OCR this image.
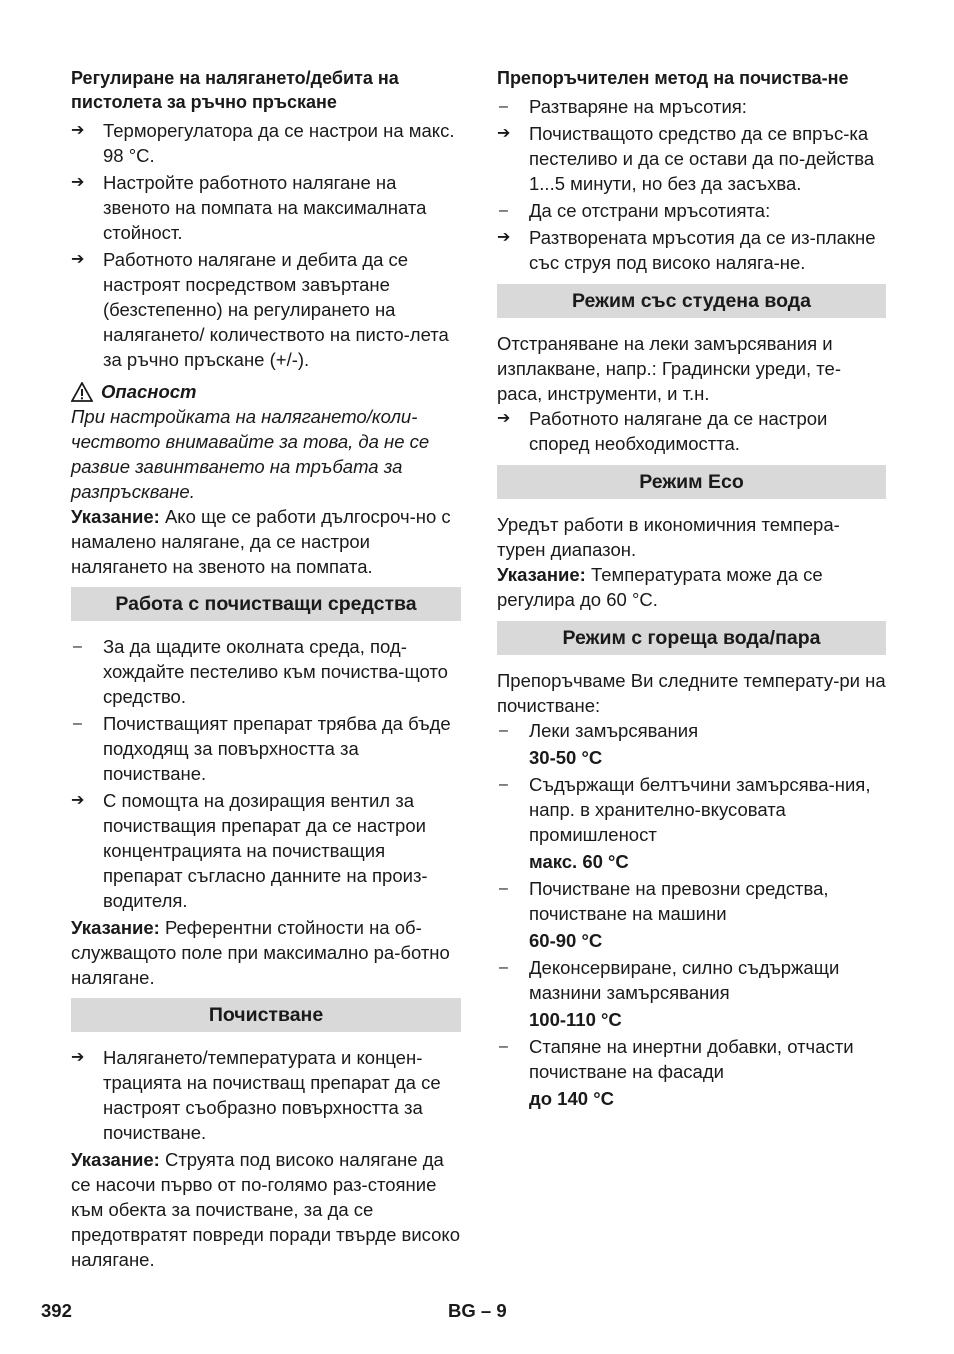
Регулиране на налягането/дебита на пистолета за ръчно пръскане
➔	Терморегулатора да се настрои на макс. 98 °C.
➔	Настройте работното налягане на звеното на помпата на максималната стойност.
➔	Работното налягане и дебита да се настроят посредством завъртане (безстепенно) на регулирането на налягането/ количеството на писто-лета за ръчно пръскане (+/-).
Опасност
При настройката на налягането/коли-чеството внимавайте за това, да не се развие завинтването на тръбата за разпръскване.
Указание: Ако ще се работи дългосроч-но с намалено налягане, да се настрои налягането на звеното на помпата.
Работа с почистващи средства
–	За да щадите околната среда, под-хождайте пестеливо към почиства-щото средство.
–	Почистващият препарат трябва да бъде подходящ за повърхността за почистване.
➔	С помощта на дозиращия вентил за почистващия препарат да се настрои концентрацията на почистващия препарат съгласно данните на произ-водителя.
Указание: Референтни стойности на об-служващото поле при максимално ра-ботно налягане.
Почистване
➔	Налягането/температурата и концен-трацията на почистващ препарат да се настроят съобразно повърхността за почистване.
Указание: Струята под високо налягане да се насочи първо от по-голямо раз-стояние към обекта за почистване, за да се предотвратят повреди поради твърде високо налягане.
Препоръчителен метод на почиства-не
–	Разтваряне на мръсотия:
➔	Почистващото средство да се впръс-ка пестеливо и да се остави да по-действа 1...5 минути, но без да засъхва.
–	Да се отстрани мръсотията:
➔	Разтворената мръсотия да се из-плакне със струя под високо наляга-не.
Режим със студена вода
Отстраняване на леки замърсявания и изплакване, напр.: Градински уреди, те-раса, инструменти, и т.н.
➔	Работното налягане да се настрои според необходимостта.
Режим Eco
Уредът работи в икономичния темпера-турен диапазон.
Указание: Температурата може да се регулира до 60 °C.
Режим с гореща вода/пара
Препоръчваме Ви следните температу-ри на почистване:
–	Леки замърсявания
30-50 °C
–	Съдържащи белтъчини замърсява-ния, напр. в хранително-вкусовата промишленост
макс. 60 °C
–	Почистване на превозни средства, почистване на машини
60-90 °C
–	Деконсервиране, силно съдържащи мазнини замърсявания
100-110 °C
–	Стапяне на инертни добавки, отчасти почистване на фасади
до 140 °C
392	BG – 9
